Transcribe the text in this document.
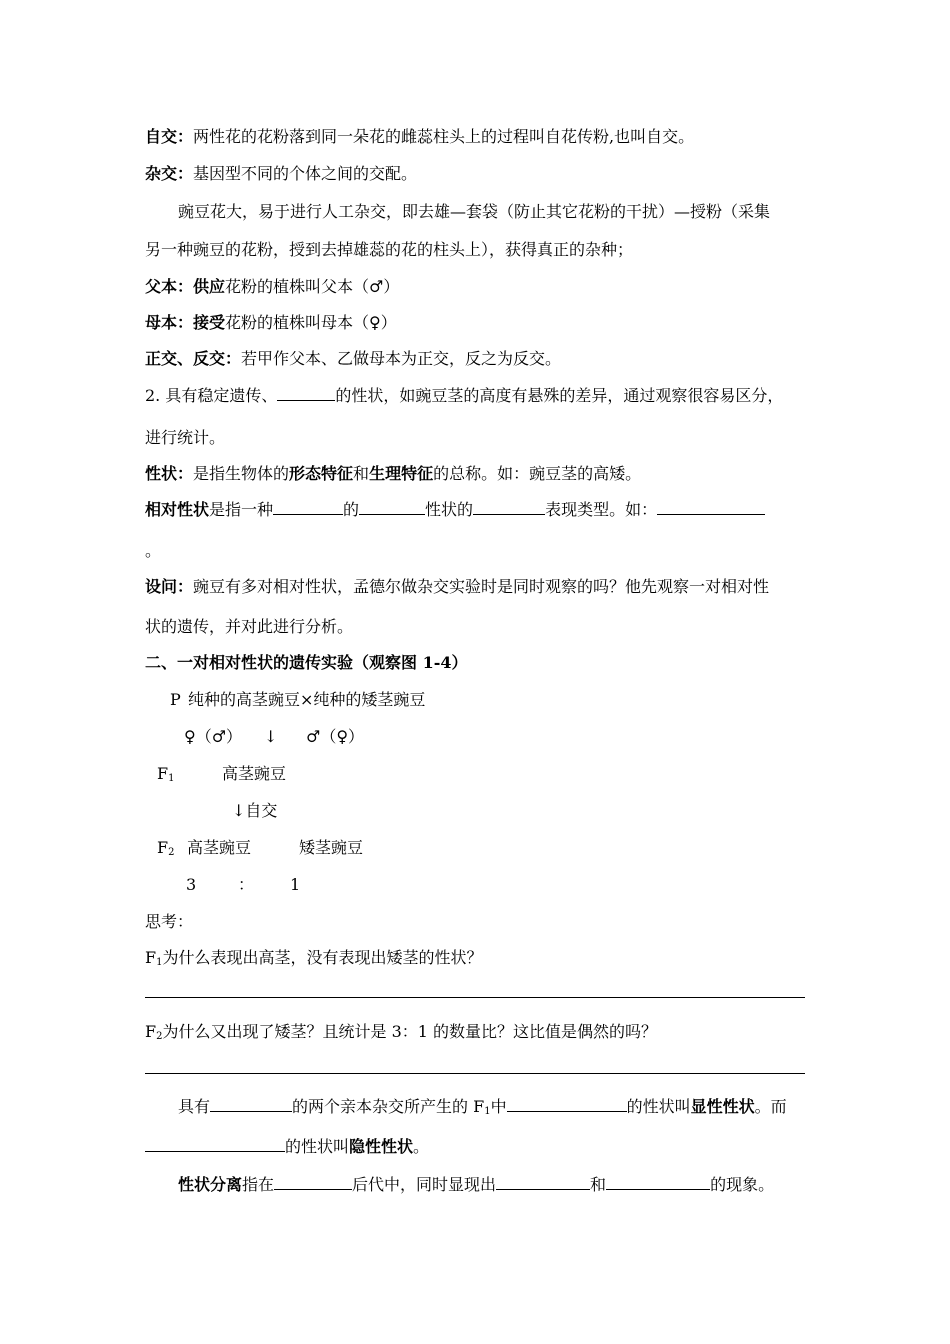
自交：两性花的花粉落到同一朵花的雌蕊柱头上的过程叫自花传粉,也叫自交。
杂交：基因型不同的个体之间的交配。
豌豆花大，易于进行人工杂交，即去雄—套袋（防止其它花粉的干扰）—授粉（采集
另一种豌豆的花粉，授到去掉雄蕊的花的柱头上），获得真正的杂种；
父本：供应花粉的植株叫父本（♂）
母本：接受花粉的植株叫母本（♀）
正交、反交：若甲作父本、乙做母本为正交，反之为反交。
2. 具有稳定遗传、	的性状，如豌豆茎的高度有悬殊的差异，通过观察很容易区分，
进行统计。
性状：是指生物体的形态特征和生理特征的总称。如：豌豆茎的高矮。
相对性状是指一种	的	性状的	表现类型。如：
。
设问：豌豆有多对相对性状，孟德尔做杂交实验时是同时观察的吗？他先观察一对相对性
状的遗传，并对此进行分析。
二、一对相对性状的遗传实验（观察图 1-4）
P 纯种的高茎豌豆×纯种的矮茎豌豆
♀（♂） ↓ ♂（♀）
$F_1$	高茎豌豆
↓自交
$F_2$ 高茎豌豆	矮茎豌豆
3	： 1
思考：
$F_1$为什么表现出高茎，没有表现出矮茎的性状？
$F_2$为什么又出现了矮茎？且统计是 3：1 的数量比？这比值是偶然的吗？
具有	的两个亲本杂交所产生的 $F_1$中	的性状叫显性性状。而
的性状叫隐性性状。
性状分离指在	后代中，同时显现出	和	的现象。
